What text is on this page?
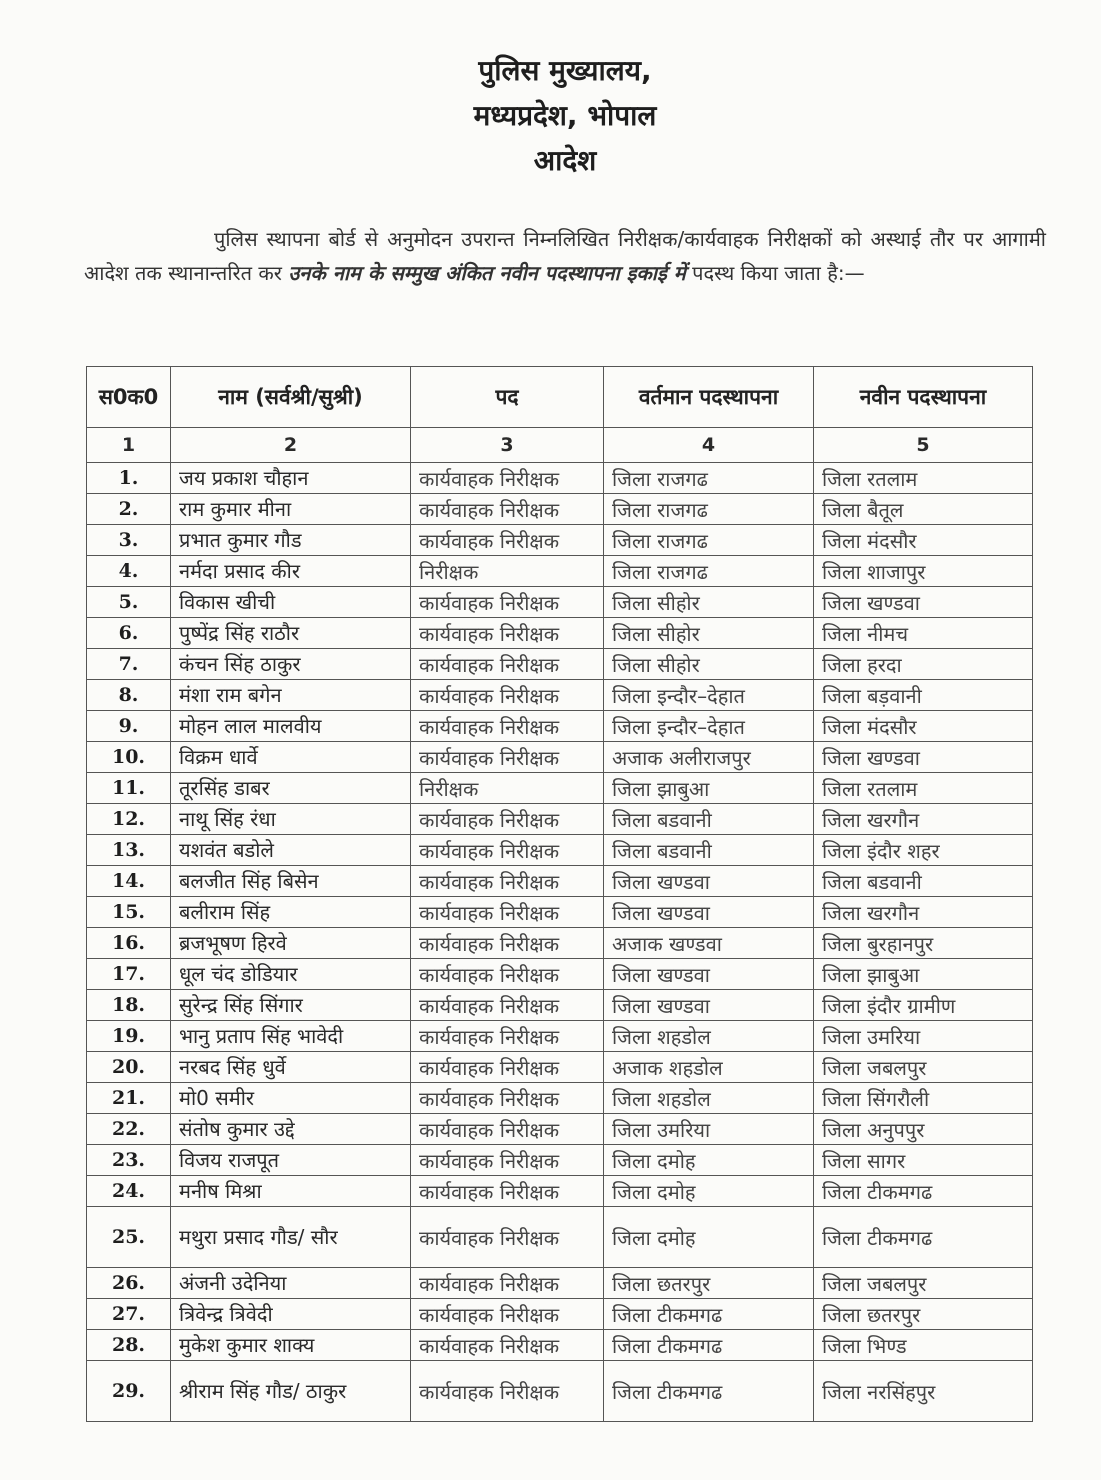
पुलिस मुख्यालय,
मध्यप्रदेश, भोपाल
आदेश
पुलिस स्थापना बोर्ड से अनुमोदन उपरान्त निम्नलिखित निरीक्षक/कार्यवाहक निरीक्षकों को अस्थाई तौर पर आगामी आदेश तक स्थानान्तरित कर उनके नाम के सम्मुख अंकित नवीन पदस्थापना इकाई में पदस्थ किया जाता है:—
स0क0	नाम (सर्वश्री/सुश्री)	पद	वर्तमान पदस्थापना	नवीन पदस्थापना
1	2	3	4	5
1.	जय प्रकाश चौहान	कार्यवाहक निरीक्षक	जिला राजगढ	जिला रतलाम
2.	राम कुमार मीना	कार्यवाहक निरीक्षक	जिला राजगढ	जिला बैतूल
3.	प्रभात कुमार गौड	कार्यवाहक निरीक्षक	जिला राजगढ	जिला मंदसौर
4.	नर्मदा प्रसाद कीर	निरीक्षक	जिला राजगढ	जिला शाजापुर
5.	विकास खीची	कार्यवाहक निरीक्षक	जिला सीहोर	जिला खण्डवा
6.	पुष्पेंद्र सिंह राठौर	कार्यवाहक निरीक्षक	जिला सीहोर	जिला नीमच
7.	कंचन सिंह ठाकुर	कार्यवाहक निरीक्षक	जिला सीहोर	जिला हरदा
8.	मंशा राम बगेन	कार्यवाहक निरीक्षक	जिला इन्दौर–देहात	जिला बड़वानी
9.	मोहन लाल मालवीय	कार्यवाहक निरीक्षक	जिला इन्दौर–देहात	जिला मंदसौर
10.	विक्रम धार्वे	कार्यवाहक निरीक्षक	अजाक अलीराजपुर	जिला खण्डवा
11.	तूरसिंह डाबर	निरीक्षक	जिला झाबुआ	जिला रतलाम
12.	नाथू सिंह रंधा	कार्यवाहक निरीक्षक	जिला बडवानी	जिला खरगौन
13.	यशवंत बडोले	कार्यवाहक निरीक्षक	जिला बडवानी	जिला इंदौर शहर
14.	बलजीत सिंह बिसेन	कार्यवाहक निरीक्षक	जिला खण्डवा	जिला बडवानी
15.	बलीराम सिंह	कार्यवाहक निरीक्षक	जिला खण्डवा	जिला खरगौन
16.	ब्रजभूषण हिरवे	कार्यवाहक निरीक्षक	अजाक खण्डवा	जिला बुरहानपुर
17.	धूल चंद डोडियार	कार्यवाहक निरीक्षक	जिला खण्डवा	जिला झाबुआ
18.	सुरेन्द्र सिंह सिंगार	कार्यवाहक निरीक्षक	जिला खण्डवा	जिला इंदौर ग्रामीण
19.	भानु प्रताप सिंह भावेदी	कार्यवाहक निरीक्षक	जिला शहडोल	जिला उमरिया
20.	नरबद सिंह धुर्वे	कार्यवाहक निरीक्षक	अजाक शहडोल	जिला जबलपुर
21.	मो0 समीर	कार्यवाहक निरीक्षक	जिला शहडोल	जिला सिंगरौली
22.	संतोष कुमार उद्दे	कार्यवाहक निरीक्षक	जिला उमरिया	जिला अनुपपुर
23.	विजय राजपूत	कार्यवाहक निरीक्षक	जिला दमोह	जिला सागर
24.	मनीष मिश्रा	कार्यवाहक निरीक्षक	जिला दमोह	जिला टीकमगढ
25.	मथुरा प्रसाद गौड/ सौर	कार्यवाहक निरीक्षक	जिला दमोह	जिला टीकमगढ
26.	अंजनी उदेनिया	कार्यवाहक निरीक्षक	जिला छतरपुर	जिला जबलपुर
27.	त्रिवेन्द्र त्रिवेदी	कार्यवाहक निरीक्षक	जिला टीकमगढ	जिला छतरपुर
28.	मुकेश कुमार शाक्य	कार्यवाहक निरीक्षक	जिला टीकमगढ	जिला भिण्ड
29.	श्रीराम सिंह गौड/ ठाकुर	कार्यवाहक निरीक्षक	जिला टीकमगढ	जिला नरसिंहपुर
